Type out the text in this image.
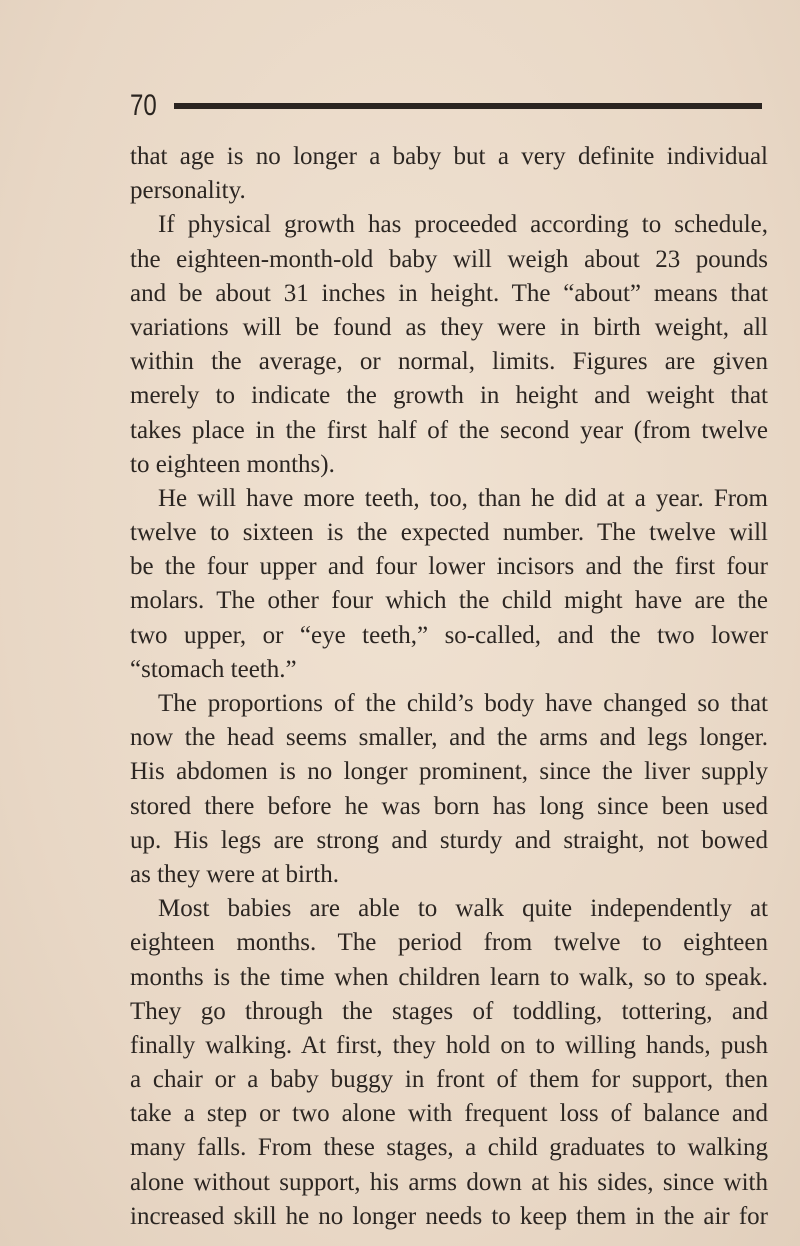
70
that age is no longer a baby but a very definite individual
personality.
If physical growth has proceeded according to schedule,
the eighteen-month-old baby will weigh about 23 pounds
and be about 31 inches in height. The “about” means that
variations will be found as they were in birth weight, all
within the average, or normal, limits. Figures are given
merely to indicate the growth in height and weight that
takes place in the first half of the second year (from twelve
to eighteen months).
He will have more teeth, too, than he did at a year. From
twelve to sixteen is the expected number. The twelve will
be the four upper and four lower incisors and the first four
molars. The other four which the child might have are the
two upper, or “eye teeth,” so-called, and the two lower
“stomach teeth.”
The proportions of the child’s body have changed so that
now the head seems smaller, and the arms and legs longer.
His abdomen is no longer prominent, since the liver supply
stored there before he was born has long since been used
up. His legs are strong and sturdy and straight, not bowed
as they were at birth.
Most babies are able to walk quite independently at
eighteen months. The period from twelve to eighteen
months is the time when children learn to walk, so to speak.
They go through the stages of toddling, tottering, and
finally walking. At first, they hold on to willing hands, push
a chair or a baby buggy in front of them for support, then
take a step or two alone with frequent loss of balance and
many falls. From these stages, a child graduates to walking
alone without support, his arms down at his sides, since with
increased skill he no longer needs to keep them in the air for
